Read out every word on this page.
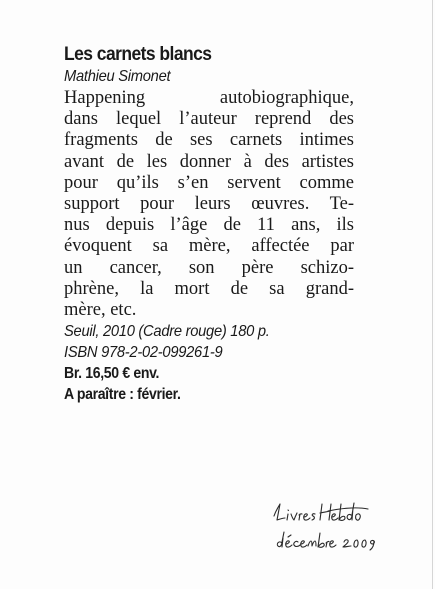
Les carnets blancs
Mathieu Simonet
Happening autobiographique,
dans lequel l’auteur reprend des
fragments de ses carnets intimes
avant de les donner à des artistes
pour qu’ils s’en servent comme
support pour leurs œuvres. Te-
nus depuis l’âge de 11 ans, ils
évoquent sa mère, affectée par
un cancer, son père schizo-
phrène, la mort de sa grand-
mère, etc.
Seuil, 2010 (Cadre rouge) 180 p.
ISBN 978-2-02-099261-9
Br. 16,50 € env.
A paraître : février.
